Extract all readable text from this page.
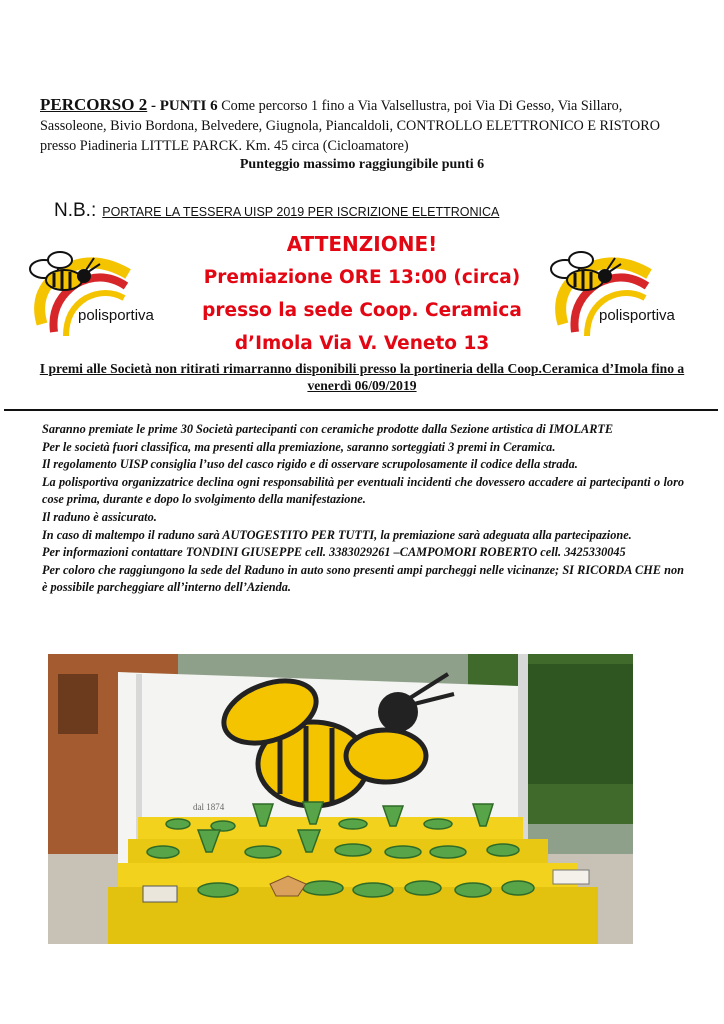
PERCORSO 2 - PUNTI 6 Come percorso 1 fino a Via Valsellustra, poi Via Di Gesso, Via Sillaro, Sassoleone, Bivio Bordona, Belvedere, Giugnola, Piancaldoli, CONTROLLO ELETTRONICO E RISTORO presso Piadineria LITTLE PARCK. Km. 45 circa (Cicloamatore)
Punteggio massimo raggiungibile punti 6
N.B.: PORTARE LA TESSERA UISP 2019 PER ISCRIZIONE ELETTRONICA
polisportiva
ATTENZIONE!
Premiazione ORE 13:00 (circa)
presso la sede Coop. Ceramica
d’Imola Via V. Veneto 13
polisportiva
I premi alle Società non ritirati rimarranno disponibili presso la portineria della Coop.Ceramica d’Imola fino a venerdì 06/09/2019

Saranno premiate le prime 30 Società partecipanti con ceramiche prodotte dalla Sezione artistica di IMOLARTE

Per le società fuori classifica, ma presenti alla premiazione, saranno sorteggiati 3 premi in Ceramica.

Il regolamento UISP consiglia l’uso del casco rigido e di osservare scrupolosamente il codice della strada.

La polisportiva organizzatrice declina ogni responsabilità per eventuali incidenti che dovessero accadere ai partecipanti o loro cose prima, durante e dopo lo svolgimento della manifestazione.

Il raduno è assicurato.

In caso di maltempo il raduno sarà AUTOGESTITO PER TUTTI, la premiazione sarà adeguata alla partecipazione.

Per informazioni contattare TONDINI GIUSEPPE cell. 3383029261 –CAMPOMORI ROBERTO cell. 3425330045

Per coloro che raggiungono la sede del Raduno in auto sono presenti ampi parcheggi nelle vicinanze; SI RICORDA CHE non è possibile parcheggiare all’interno dell’Azienda.

dal 1874
